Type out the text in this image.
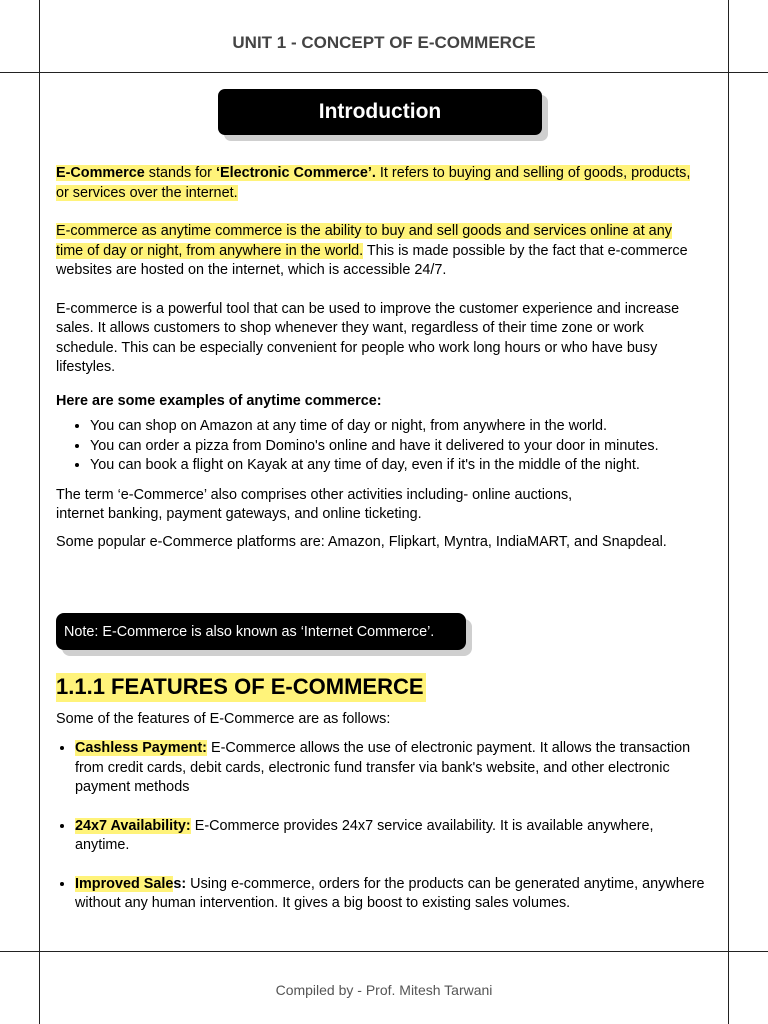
UNIT 1 - CONCEPT OF E-COMMERCE
Introduction

E-Commerce stands for ‘Electronic Commerce’. It refers to buying and selling of goods, products, or services over the internet.

E-commerce as anytime commerce is the ability to buy and sell goods and services online at any time of day or night, from anywhere in the world. This is made possible by the fact that e-commerce websites are hosted on the internet, which is accessible 24/7.

E-commerce is a powerful tool that can be used to improve the customer experience and increase sales. It allows customers to shop whenever they want, regardless of their time zone or work schedule. This can be especially convenient for people who work long hours or who have busy lifestyles.

Here are some examples of anytime commerce:

• You can shop on Amazon at any time of day or night, from anywhere in the world.
• You can order a pizza from Domino's online and have it delivered to your door in minutes.
• You can book a flight on Kayak at any time of day, even if it's in the middle of the night.

The term ‘e-Commerce’ also comprises other activities including- online auctions,
internet banking, payment gateways, and online ticketing.

Some popular e-Commerce platforms are: Amazon, Flipkart, Myntra, IndiaMART, and Snapdeal.

Note: E-Commerce is also known as ‘Internet Commerce’.
1.1.1 FEATURES OF E-COMMERCE
Some of the features of E-Commerce are as follows:
• Cashless Payment: E-Commerce allows the use of electronic payment. It allows the transaction from credit cards, debit cards, electronic fund transfer via bank's website, and other electronic payment methods
• 24x7 Availability: E-Commerce provides 24x7 service availability. It is available anywhere, anytime.
• Improved Sales: Using e-commerce, orders for the products can be generated anytime, anywhere without any human intervention. It gives a big boost to existing sales volumes.
Compiled by - Prof. Mitesh Tarwani
